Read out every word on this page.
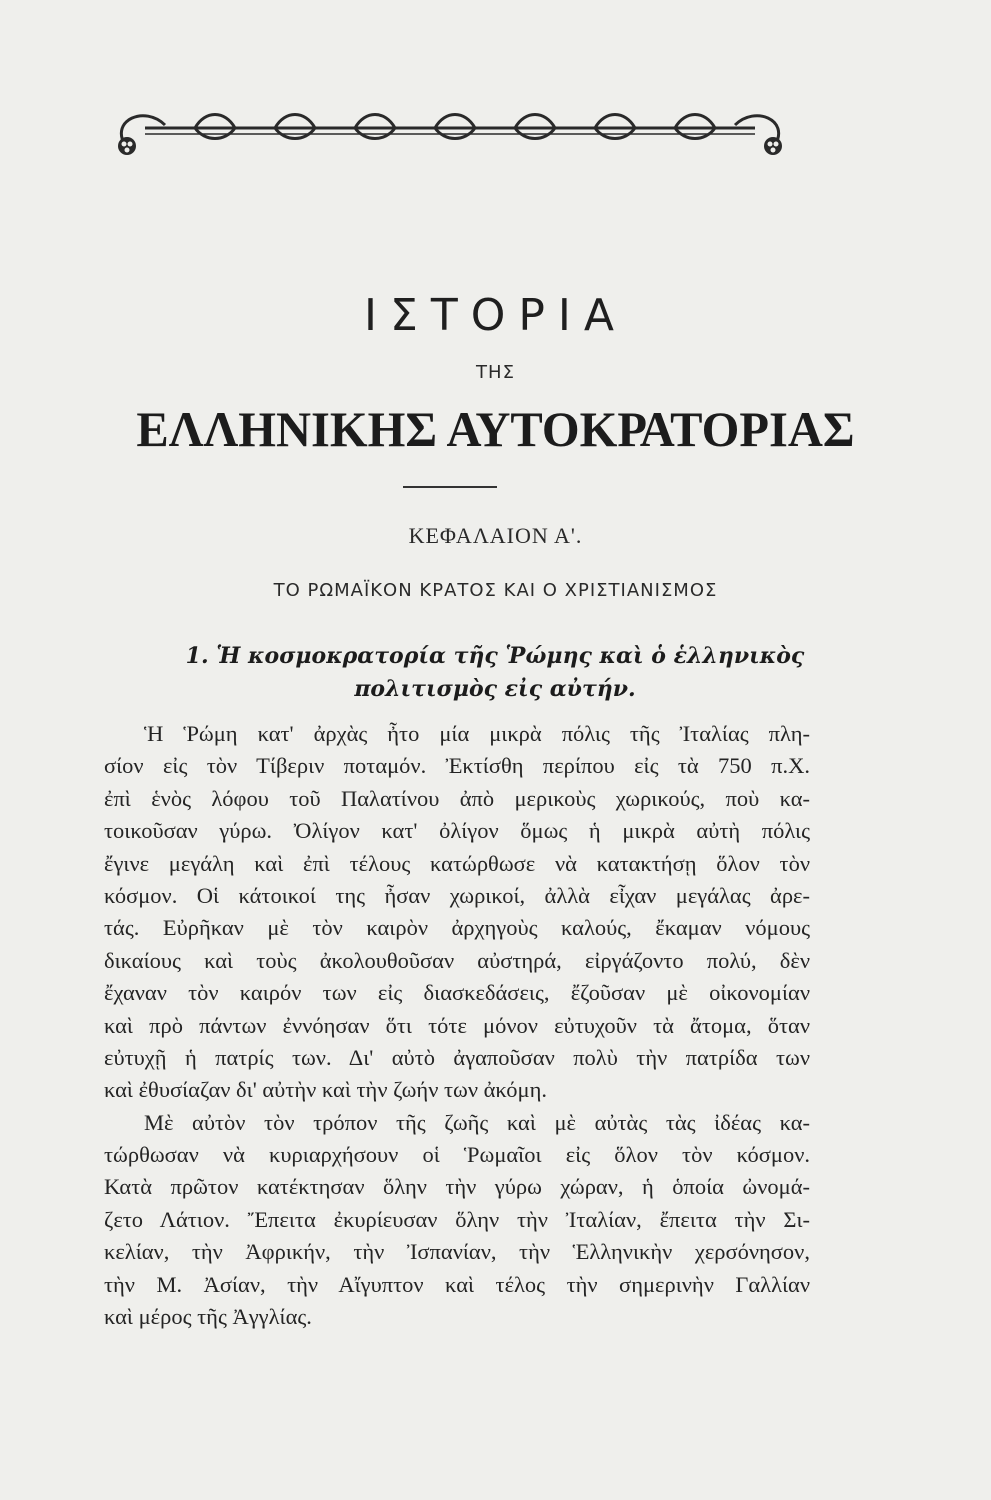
ΙΣΤΟΡΙΑ
ΤΗΣ
ΕΛΛΗΝΙΚΗΣ ΑΥΤΟΚΡΑΤΟΡΙΑΣ
ΚΕΦΑΛΑΙΟΝ Α'.
ΤΟ ΡΩΜΑΪΚΟΝ ΚΡΑΤΟΣ ΚΑΙ Ο ΧΡΙΣΤΙΑΝΙΣΜΟΣ
1. Ἡ κοσμοκρατορία τῆς Ῥώμης καὶ ὁ ἑλληνικὸς
πολιτισμὸς εἰς αὐτήν.
Ἡ Ῥώμη κατ' ἀρχὰς ἦτο μία μικρὰ πόλις τῆς Ἰταλίας πλη-
σίον εἰς τὸν Τίβεριν ποταμόν. Ἐκτίσθη περίπου εἰς τὰ 750 π.Χ.
ἐπὶ ἑνὸς λόφου τοῦ Παλατίνου ἀπὸ μερικοὺς χωρικούς, ποὺ κα-
τοικοῦσαν γύρω. Ὀλίγον κατ' ὀλίγον ὅμως ἡ μικρὰ αὐτὴ πόλις
ἔγινε μεγάλη καὶ ἐπὶ τέλους κατώρθωσε νὰ κατακτήσῃ ὅλον τὸν
κόσμον. Οἱ κάτοικοί της ἦσαν χωρικοί, ἀλλὰ εἶχαν μεγάλας ἀρε-
τάς. Εὐρῆκαν μὲ τὸν καιρὸν ἀρχηγοὺς καλούς, ἔκαμαν νόμους
δικαίους καὶ τοὺς ἀκολουθοῦσαν αὐστηρά, εἰργάζοντο πολύ, δὲν
ἔχαναν τὸν καιρόν των εἰς διασκεδάσεις, ἔζοῦσαν μὲ οἰκονομίαν
καὶ πρὸ πάντων ἐννόησαν ὅτι τότε μόνον εὐτυχοῦν τὰ ἄτομα, ὅταν
εὐτυχῇ ἡ πατρίς των. Δι' αὐτὸ ἀγαποῦσαν πολὺ τὴν πατρίδα των
καὶ ἐθυσίαζαν δι' αὐτὴν καὶ τὴν ζωήν των ἀκόμη.
Μὲ αὐτὸν τὸν τρόπον τῆς ζωῆς καὶ μὲ αὐτὰς τὰς ἰδέας κα-
τώρθωσαν νὰ κυριαρχήσουν οἱ Ῥωμαῖοι εἰς ὅλον τὸν κόσμον.
Κατὰ πρῶτον κατέκτησαν ὅλην τὴν γύρω χώραν, ἡ ὁποία ὠνομά-
ζετο Λάτιον. Ἔπειτα ἐκυρίευσαν ὅλην τὴν Ἰταλίαν, ἔπειτα τὴν Σι-
κελίαν, τὴν Ἀφρικήν, τὴν Ἰσπανίαν, τὴν Ἑλληνικὴν χερσόνησον,
τὴν Μ. Ἀσίαν, τὴν Αἴγυπτον καὶ τέλος τὴν σημερινὴν Γαλλίαν
καὶ μέρος τῆς Ἀγγλίας.
